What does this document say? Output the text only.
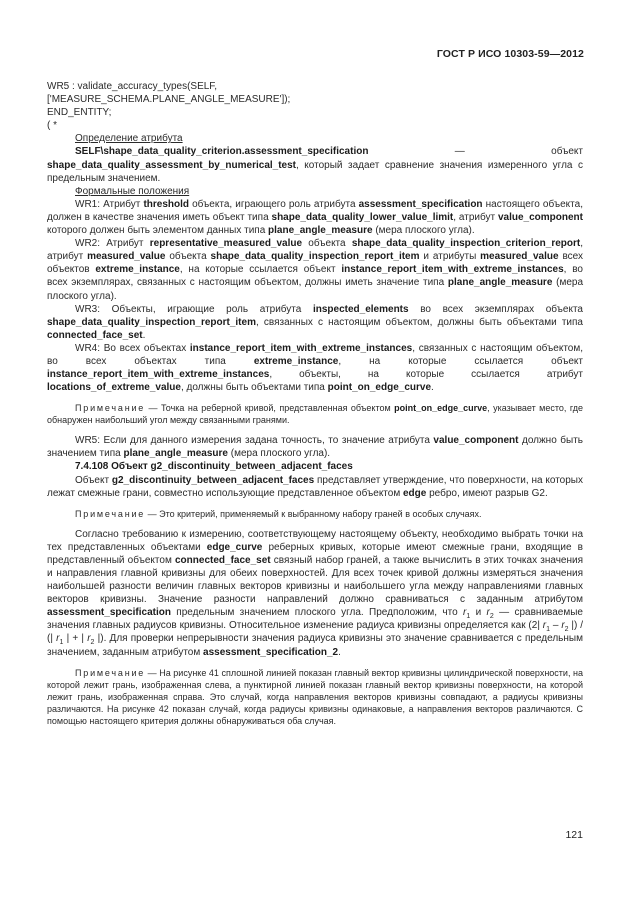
ГОСТ Р ИСО 10303-59—2012

WR5 : validate_accuracy_types(SELF,

['MEASURE_SCHEMA.PLANE_ANGLE_MEASURE']);

END_ENTITY;

( *

Определение атрибута

SELF\shape_data_quality_criterion.assessment_specification — объект shape_data_quality_assessment_by_numerical_test, который задает сравнение значения измеренного угла с предельным значением.

Формальные положения

WR1: Атрибут threshold объекта, играющего роль атрибута assessment_specification настоящего объекта, должен в качестве значения иметь объект типа shape_data_quality_lower_value_limit, атрибут value_component которого должен быть элементом данных типа plane_angle_measure (мера плоского угла).

WR2: Атрибут representative_measured_value объекта shape_data_quality_inspection_criterion_report, атрибут measured_value объекта shape_data_quality_inspection_report_item и атрибуты measured_value всех объектов extreme_instance, на которые ссылается объект instance_report_item_with_extreme_instances, во всех экземплярах, связанных с настоящим объектом, должны иметь значение типа plane_angle_measure (мера плоского угла).

WR3: Объекты, играющие роль атрибута inspected_elements во всех экземплярах объекта shape_data_quality_inspection_report_item, связанных с настоящим объектом, должны быть объектами типа connected_face_set.

WR4: Во всех объектах instance_report_item_with_extreme_instances, связанных с настоящим объектом, во всех объектах типа extreme_instance, на которые ссылается объект instance_report_item_with_extreme_instances, объекты, на которые ссылается атрибут locations_of_extreme_value, должны быть объектами типа point_on_edge_curve.

Примечание — Точка на реберной кривой, представленная объектом point_on_edge_curve, указывает место, где обнаружен наибольший угол между связанными гранями.

WR5: Если для данного измерения задана точность, то значение атрибута value_component должно быть значением типа plane_angle_measure (мера плоского угла).

7.4.108 Объект g2_discontinuity_between_adjacent_faces

Объект g2_discontinuity_between_adjacent_faces представляет утверждение, что поверхности, на которых лежат смежные грани, совместно использующие представленное объектом edge ребро, имеют разрыв G2.

Примечание — Это критерий, применяемый к выбранному набору граней в особых случаях.

Согласно требованию к измерению, соответствующему настоящему объекту, необходимо выбрать точки на тех представленных объектами edge_curve реберных кривых, которые имеют смежные грани, входящие в представленный объектом connected_face_set связный набор граней, а также вычислить в этих точках значения и направления главной кривизны для обеих поверхностей. Для всех точек кривой должны измеряться значения наибольшей разности величин главных векторов кривизны и наибольшего угла между направлениями главных векторов кривизны. Значение разности направлений должно сравниваться с заданным атрибутом assessment_specification предельным значением плоского угла. Предположим, что $r_1$ и $r_2$ — сравниваемые значения главных радиусов кривизны. Относительное изменение радиуса кривизны определяется как (2| $r_1 - r_2$ |) / (| $r_1$ | + | $r_2$ |). Для проверки непрерывности значения радиуса кривизны это значение сравнивается с предельным значением, заданным атрибутом assessment_specification_2.

Примечание — На рисунке 41 сплошной линией показан главный вектор кривизны цилиндрической поверхности, на которой лежит грань, изображенная слева, а пунктирной линией показан главный вектор кривизны поверхности, на которой лежит грань, изображенная справа. Это случай, когда направления векторов кривизны совпадают, а радиусы кривизны различаются. На рисунке 42 показан случай, когда радиусы кривизны одинаковые, а направления векторов различаются. С помощью настоящего критерия должны обнаруживаться оба случая.

121
